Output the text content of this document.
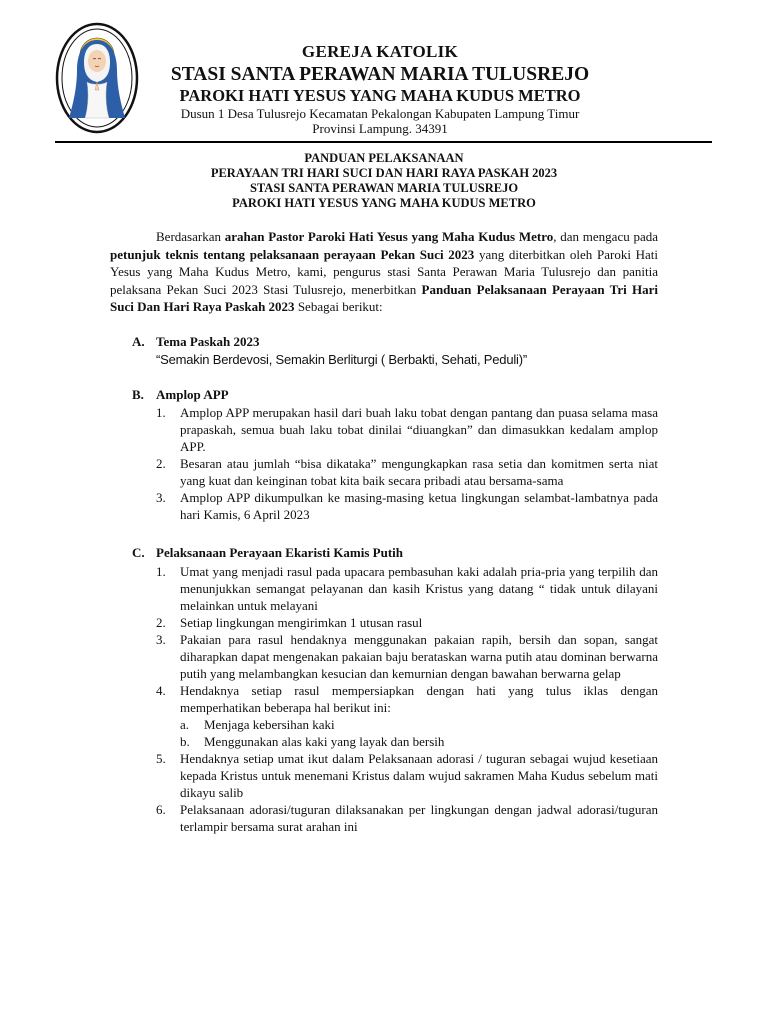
GEREJA KATOLIK
STASI SANTA PERAWAN MARIA TULUSREJO
PAROKI HATI YESUS YANG MAHA KUDUS METRO
Dusun 1 Desa Tulusrejo Kecamatan Pekalongan Kabupaten Lampung Timur
Provinsi Lampung. 34391
PANDUAN PELAKSANAAN
PERAYAAN TRI HARI SUCI DAN HARI RAYA PASKAH 2023
STASI SANTA PERAWAN MARIA TULUSREJO
PAROKI HATI YESUS YANG MAHA KUDUS METRO
Berdasarkan arahan Pastor Paroki Hati Yesus yang Maha Kudus Metro, dan mengacu pada petunjuk teknis tentang pelaksanaan perayaan Pekan Suci 2023 yang diterbitkan oleh Paroki Hati Yesus yang Maha Kudus Metro, kami, pengurus stasi Santa Perawan Maria Tulusrejo dan panitia pelaksana Pekan Suci 2023 Stasi Tulusrejo, menerbitkan Panduan Pelaksanaan Perayaan Tri Hari Suci Dan Hari Raya Paskah 2023 Sebagai berikut:
A. Tema Paskah 2023
“Semakin Berdevosi, Semakin Berliturgi ( Berbakti, Sehati, Peduli)”
B. Amplop APP
1. Amplop APP merupakan hasil dari buah laku tobat dengan pantang dan puasa selama masa prapaskah, semua buah laku tobat dinilai “diuangkan” dan dimasukkan kedalam amplop APP.
2. Besaran atau jumlah “bisa dikataka” mengungkapkan rasa setia dan komitmen serta niat yang kuat dan keinginan tobat kita baik secara pribadi atau bersama-sama
3. Amplop APP dikumpulkan ke masing-masing ketua lingkungan selambat-lambatnya pada hari Kamis, 6 April 2023
C. Pelaksanaan Perayaan Ekaristi Kamis Putih
1. Umat yang menjadi rasul pada upacara pembasuhan kaki adalah pria-pria yang terpilih dan menunjukkan semangat pelayanan dan kasih Kristus yang datang “ tidak untuk dilayani melainkan untuk melayani
2. Setiap lingkungan mengirimkan 1 utusan rasul
3. Pakaian para rasul hendaknya menggunakan pakaian rapih, bersih dan sopan, sangat diharapkan dapat mengenakan pakaian baju berataskan warna putih atau dominan berwarna putih yang melambangkan kesucian dan kemurnian dengan bawahan berwarna gelap
4. Hendaknya setiap rasul mempersiapkan dengan hati yang tulus iklas dengan memperhatikan beberapa hal berikut ini:
a. Menjaga kebersihan kaki
b. Menggunakan alas kaki yang layak dan bersih
5. Hendaknya setiap umat ikut dalam Pelaksanaan adorasi / tuguran sebagai wujud kesetiaan kepada Kristus untuk menemani Kristus dalam wujud sakramen Maha Kudus sebelum mati dikayu salib
6. Pelaksanaan adorasi/tuguran dilaksanakan per lingkungan dengan jadwal adorasi/tuguran terlampir bersama surat arahan ini
